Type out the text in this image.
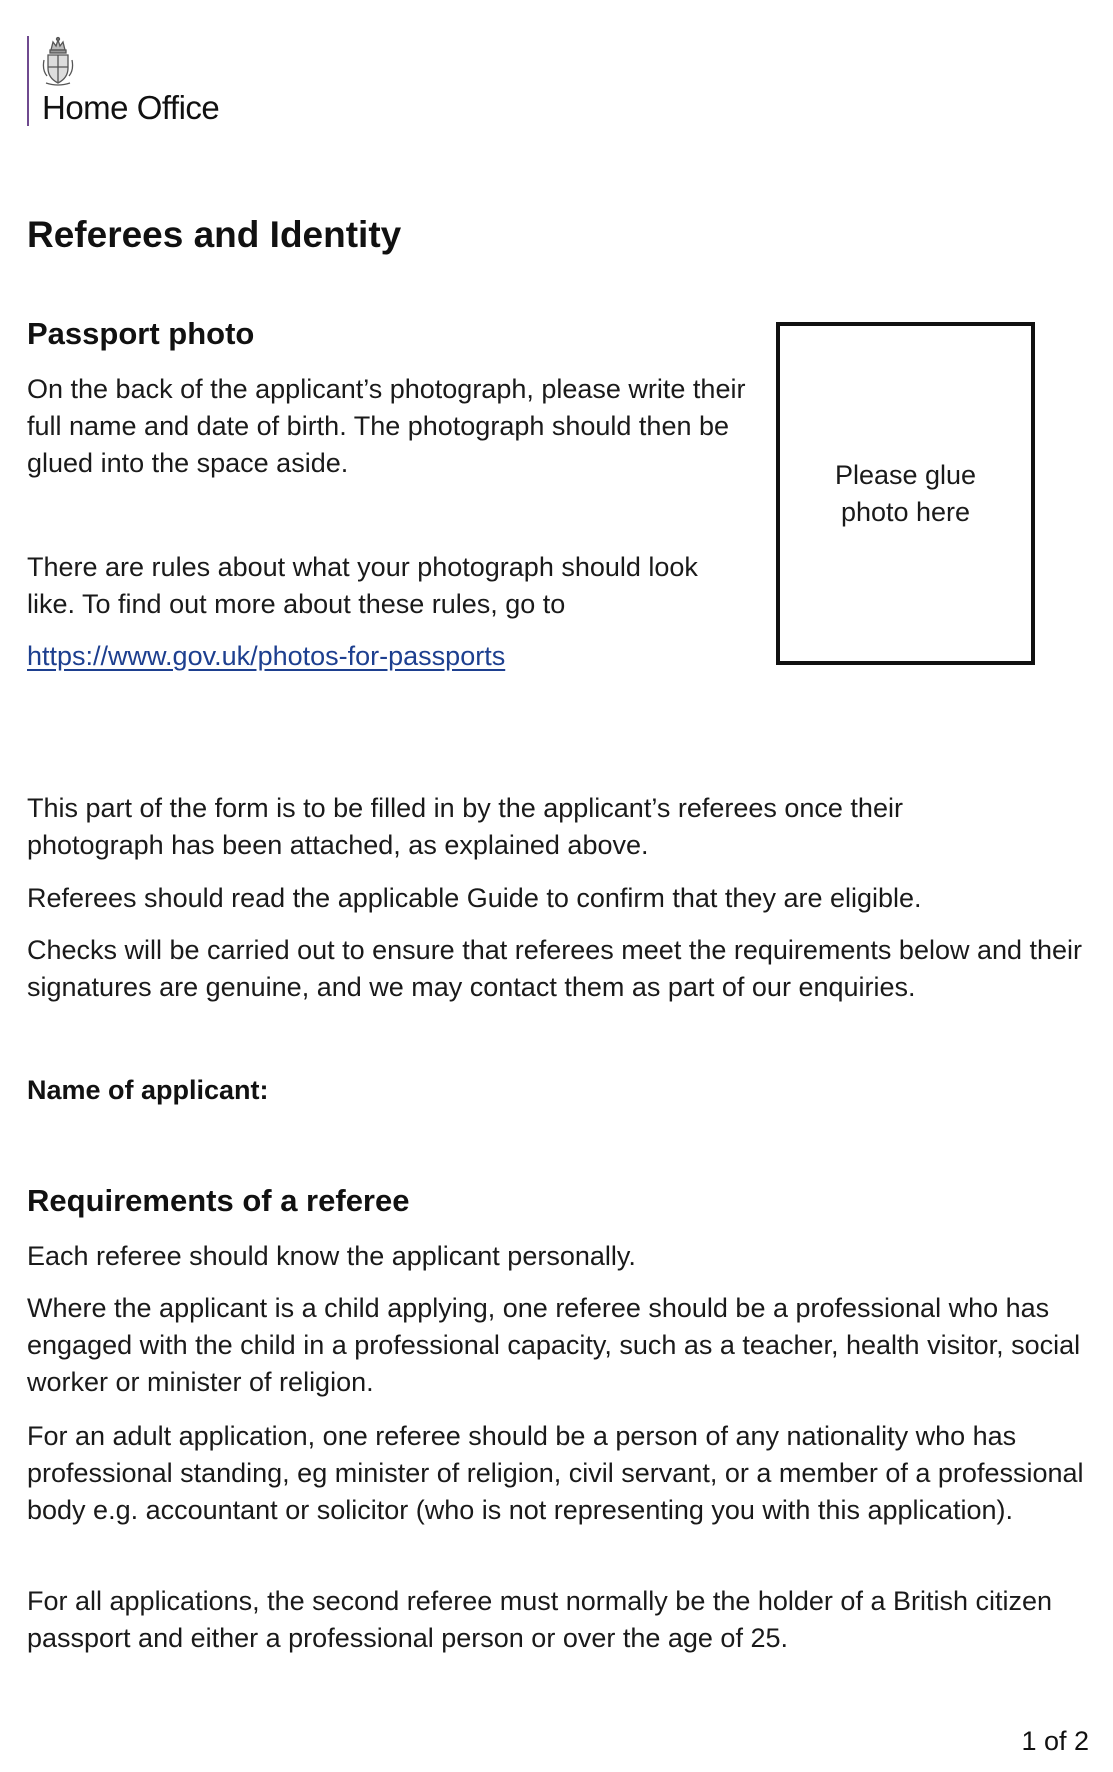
Home Office
Referees and Identity
Passport photo

On the back of the applicant’s photograph, please write their full name and date of birth. The photograph should then be glued into the space aside.

There are rules about what your photograph should look like. To find out more about these rules, go to

https://www.gov.uk/photos-for-passports
Please glue photo here

This part of the form is to be filled in by the applicant’s referees once their photograph has been attached, as explained above.

Referees should read the applicable Guide to confirm that they are eligible.

Checks will be carried out to ensure that referees meet the requirements below and their signatures are genuine, and we may contact them as part of our enquiries.

Name of applicant:
Requirements of a referee

Each referee should know the applicant personally.

Where the applicant is a child applying, one referee should be a professional who has engaged with the child in a professional capacity, such as a teacher, health visitor, social worker or minister of religion.

For an adult application, one referee should be a person of any nationality who has professional standing, eg minister of religion, civil servant, or a member of a professional body e.g. accountant or solicitor (who is not representing you with this application).

For all applications, the second referee must normally be the holder of a British citizen passport and either a professional person or over the age of 25.

1 of 2
